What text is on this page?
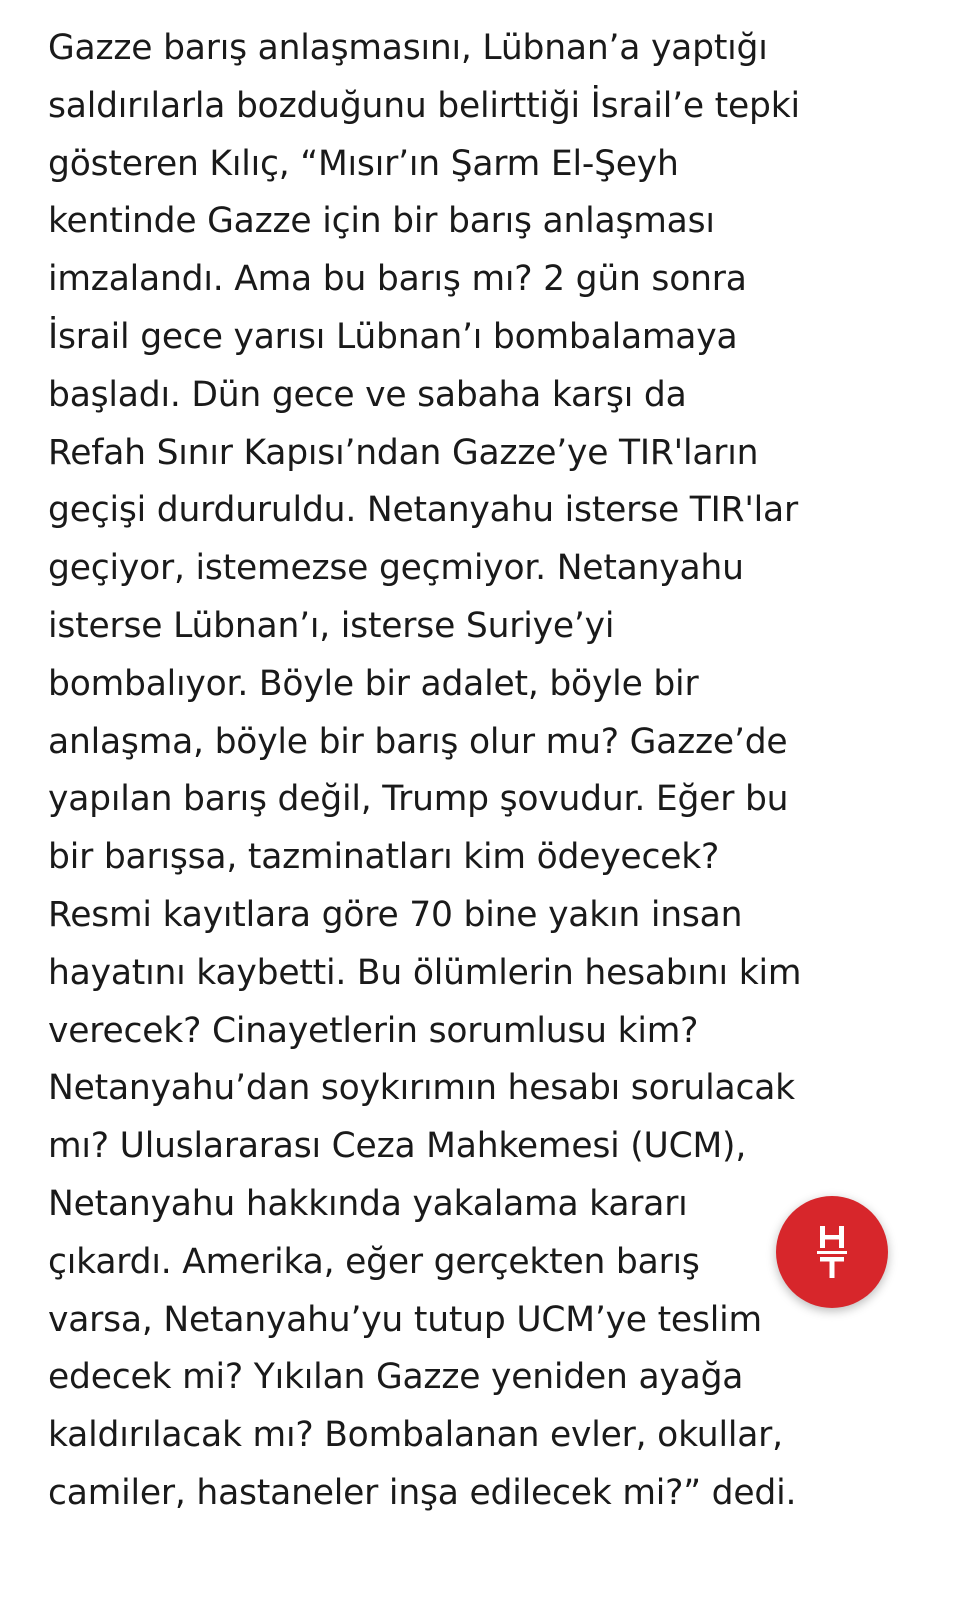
Gazze barış anlaşmasını, Lübnan’a yaptığı
saldırılarla bozduğunu belirttiği İsrail’e tepki
gösteren Kılıç, “Mısır’ın Şarm El-Şeyh
kentinde Gazze için bir barış anlaşması
imzalandı. Ama bu barış mı? 2 gün sonra
İsrail gece yarısı Lübnan’ı bombalamaya
başladı. Dün gece ve sabaha karşı da
Refah Sınır Kapısı’ndan Gazze’ye TIR'ların
geçişi durduruldu. Netanyahu isterse TIR'lar
geçiyor, istemezse geçmiyor. Netanyahu
isterse Lübnan’ı, isterse Suriye’yi
bombalıyor. Böyle bir adalet, böyle bir
anlaşma, böyle bir barış olur mu? Gazze’de
yapılan barış değil, Trump şovudur. Eğer bu
bir barışsa, tazminatları kim ödeyecek?
Resmi kayıtlara göre 70 bine yakın insan
hayatını kaybetti. Bu ölümlerin hesabını kim
verecek? Cinayetlerin sorumlusu kim?
Netanyahu’dan soykırımın hesabı sorulacak
mı? Uluslararası Ceza Mahkemesi (UCM),
Netanyahu hakkında yakalama kararı
çıkardı. Amerika, eğer gerçekten barış
varsa, Netanyahu’yu tutup UCM’ye teslim
edecek mi? Yıkılan Gazze yeniden ayağa
kaldırılacak mı? Bombalanan evler, okullar,
camiler, hastaneler inşa edilecek mi?” dedi.
